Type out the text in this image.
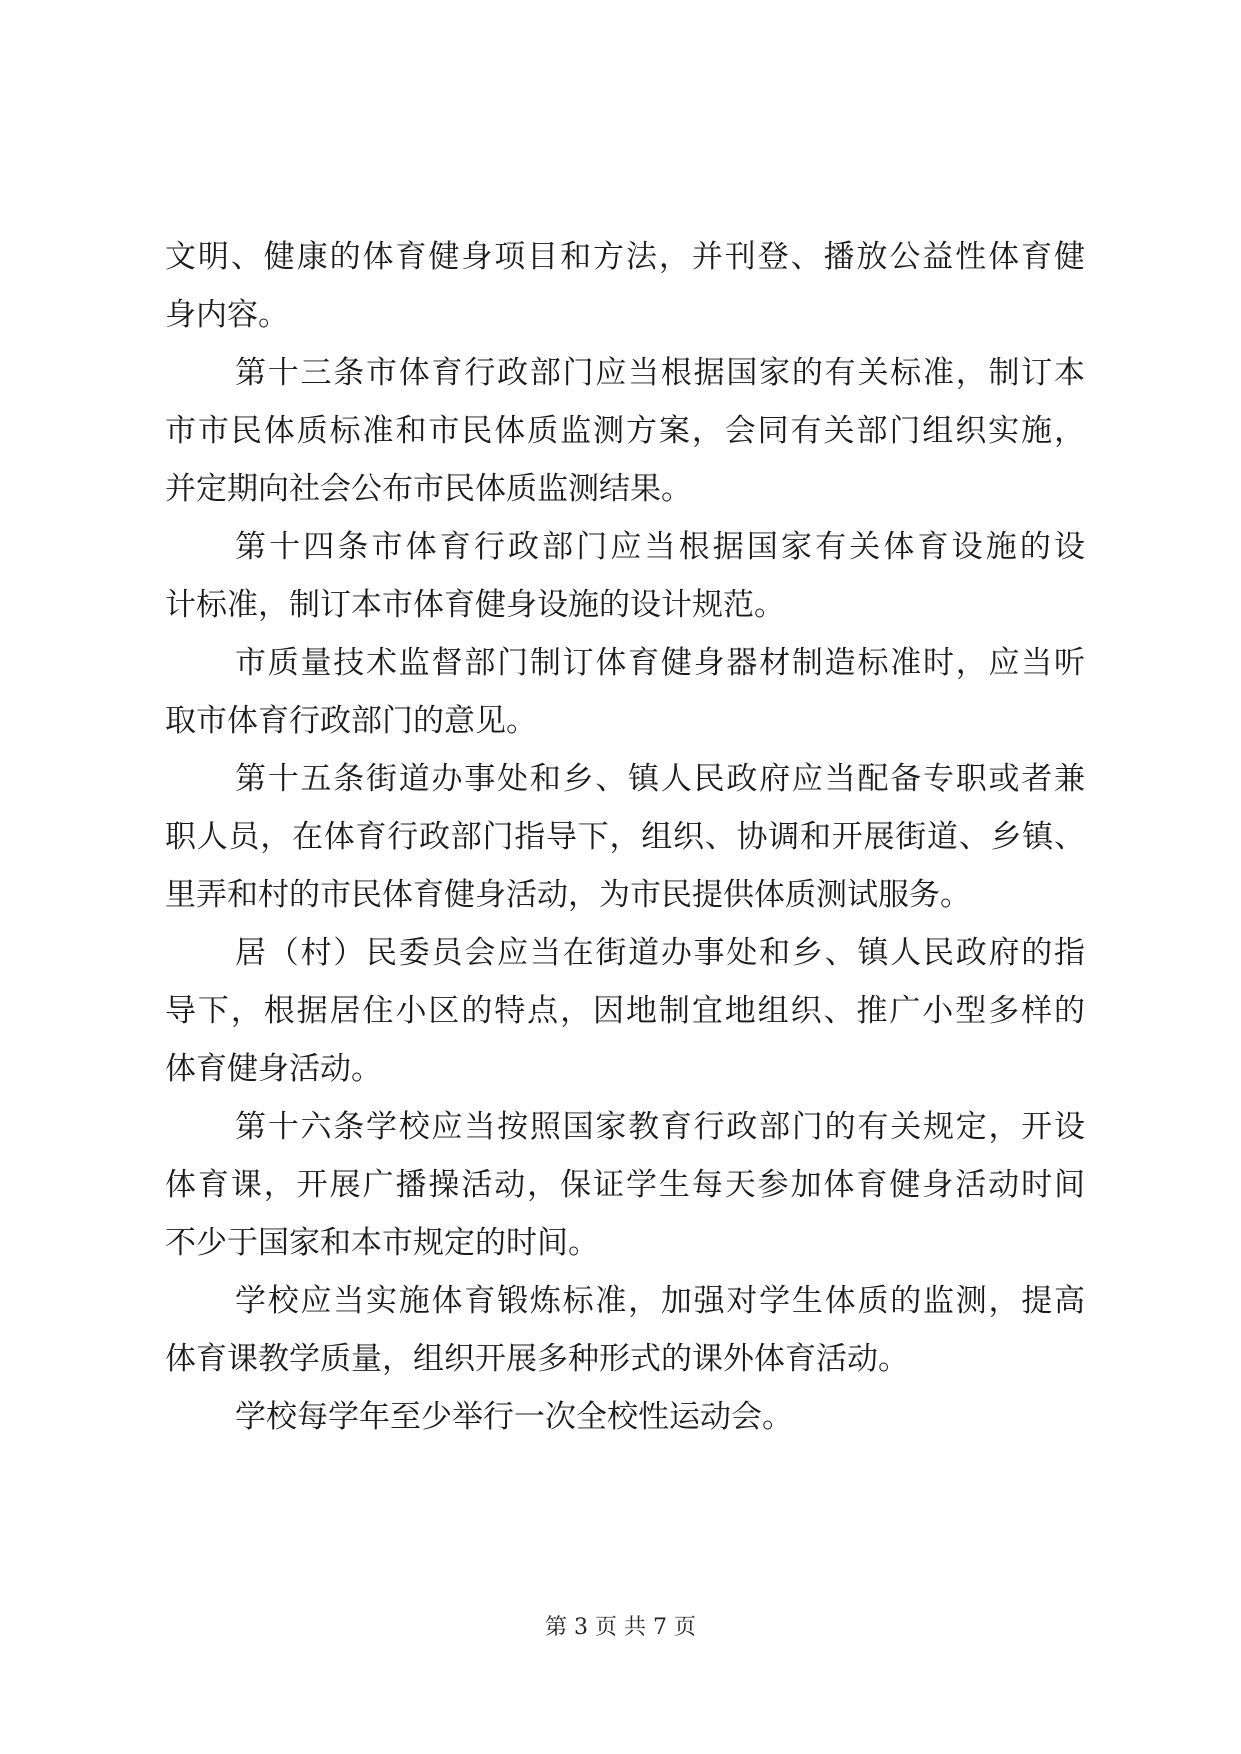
文明、健康的体育健身项目和方法，并刊登、播放公益性体育健
身内容。
第十三条市体育行政部门应当根据国家的有关标准，制订本
市市民体质标准和市民体质监测方案，会同有关部门组织实施，
并定期向社会公布市民体质监测结果。
第十四条市体育行政部门应当根据国家有关体育设施的设
计标准，制订本市体育健身设施的设计规范。
市质量技术监督部门制订体育健身器材制造标准时，应当听
取市体育行政部门的意见。
第十五条街道办事处和乡、镇人民政府应当配备专职或者兼
职人员，在体育行政部门指导下，组织、协调和开展街道、乡镇、
里弄和村的市民体育健身活动，为市民提供体质测试服务。
居（村）民委员会应当在街道办事处和乡、镇人民政府的指
导下，根据居住小区的特点，因地制宜地组织、推广小型多样的
体育健身活动。
第十六条学校应当按照国家教育行政部门的有关规定，开设
体育课，开展广播操活动，保证学生每天参加体育健身活动时间
不少于国家和本市规定的时间。
学校应当实施体育锻炼标准，加强对学生体质的监测，提高
体育课教学质量，组织开展多种形式的课外体育活动。
学校每学年至少举行一次全校性运动会。
第 3 页 共 7 页
